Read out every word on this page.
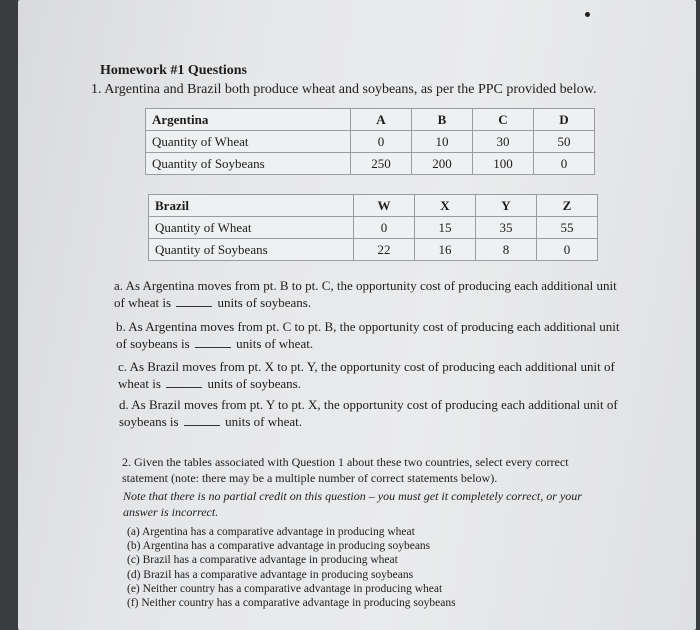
Homework #1 Questions
1. Argentina and Brazil both produce wheat and soybeans, as per the PPC provided below.
Argentina	A	B	C	D
Quantity of Wheat	0	10	30	50
Quantity of Soybeans	250	200	100	0
Brazil	W	X	Y	Z
Quantity of Wheat	0	15	35	55
Quantity of Soybeans	22	16	8	0
a. As Argentina moves from pt. B to pt. C, the opportunity cost of producing each additional unit of wheat is	units of soybeans.
b. As Argentina moves from pt. C to pt. B, the opportunity cost of producing each additional unit of soybeans is	units of wheat.
c. As Brazil moves from pt. X to pt. Y, the opportunity cost of producing each additional unit of wheat is	units of soybeans.
d. As Brazil moves from pt. Y to pt. X, the opportunity cost of producing each additional unit of soybeans is	units of wheat.
2. Given the tables associated with Question 1 about these two countries, select every correct statement (note: there may be a multiple number of correct statements below).
Note that there is no partial credit on this question – you must get it completely correct, or your answer is incorrect.
(a) Argentina has a comparative advantage in producing wheat
(b) Argentina has a comparative advantage in producing soybeans
(c) Brazil has a comparative advantage in producing wheat
(d) Brazil has a comparative advantage in producing soybeans
(e) Neither country has a comparative advantage in producing wheat
(f) Neither country has a comparative advantage in producing soybeans
